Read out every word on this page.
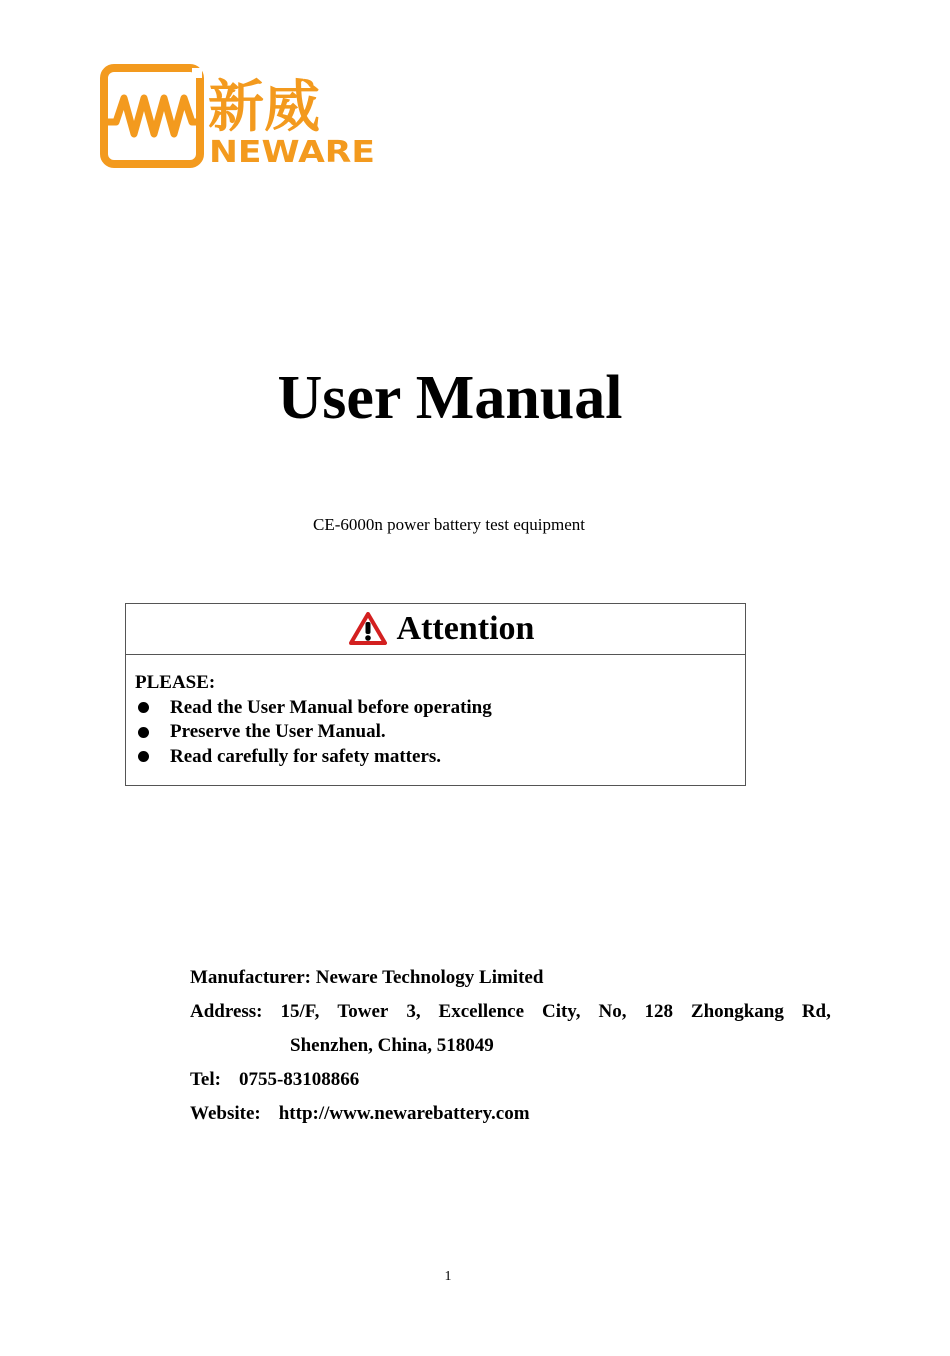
新威
NEWARE
User Manual
CE-6000n power battery test equipment
Attention
PLEASE:
Read the User Manual before operating
Preserve the User Manual.
Read carefully for safety matters.
Manufacturer: Neware Technology Limited
Address: 15/F, Tower 3, Excellence City, No, 128 Zhongkang Rd,
Shenzhen, China, 518049
Tel: 0755-83108866
Website: http://www.newarebattery.com
1
